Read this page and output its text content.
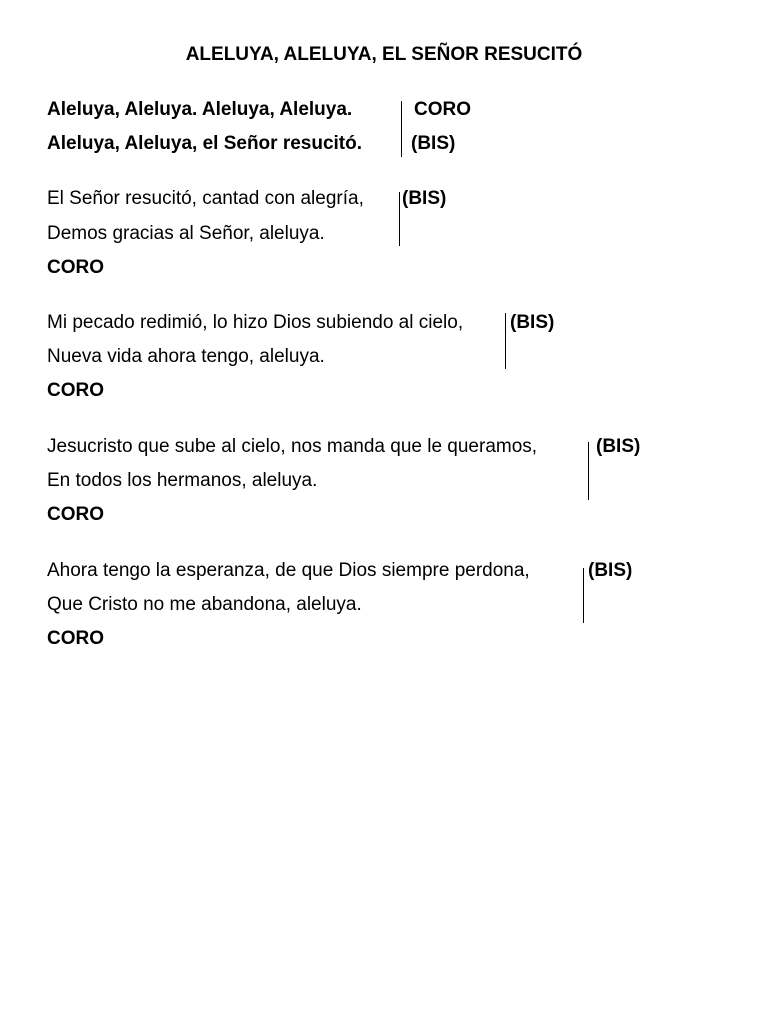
ALELUYA, ALELUYA, EL SEÑOR RESUCITÓ
Aleluya, Aleluya. Aleluya, Aleluya.	CORO
Aleluya, Aleluya, el Señor resucitó.	(BIS)
El Señor resucitó, cantad con alegría, (BIS)
Demos gracias al Señor, aleluya.
CORO
Mi pecado redimió, lo hizo Dios subiendo al cielo, (BIS)
Nueva vida ahora tengo, aleluya.
CORO
Jesucristo que sube al cielo, nos manda que le queramos,	(BIS)
En todos los hermanos, aleluya.
CORO
Ahora tengo la esperanza, de que Dios siempre perdona,	(BIS)
Que Cristo no me abandona, aleluya.
CORO
